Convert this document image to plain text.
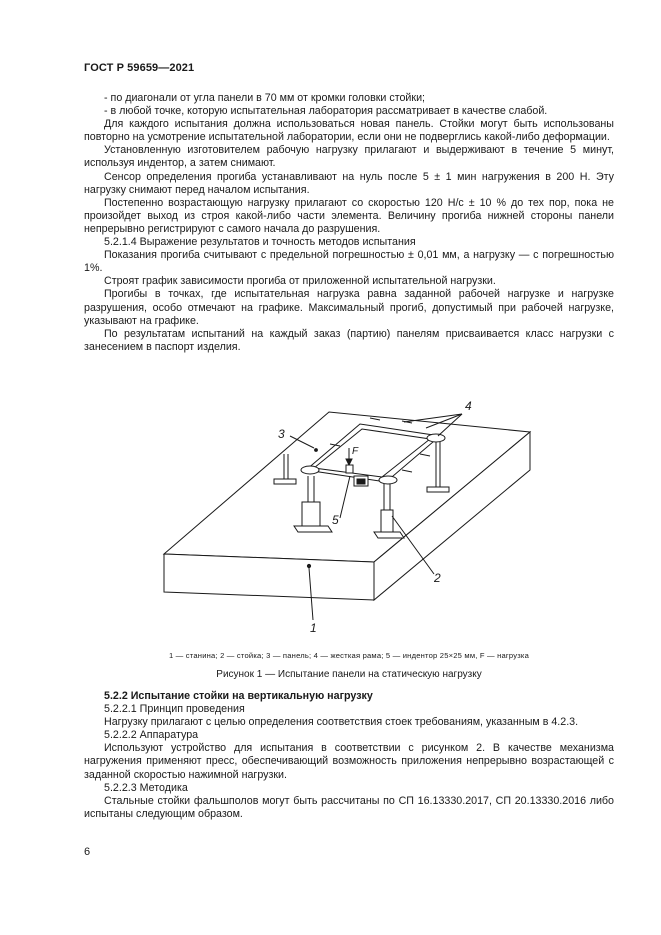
ГОСТ Р 59659—2021

- по диагонали от угла панели в 70 мм от кромки головки стойки;

- в любой точке, которую испытательная лаборатория рассматривает в качестве слабой.

Для каждого испытания должна использоваться новая панель. Стойки могут быть использованы повторно на усмотрение испытательной лаборатории, если они не подверглись какой-либо деформации.

Установленную изготовителем рабочую нагрузку прилагают и выдерживают в течение 5 минут, используя индентор, а затем снимают.

Сенсор определения прогиба устанавливают на нуль после 5 ± 1 мин нагружения в 200 Н. Эту нагрузку снимают перед началом испытания.

Постепенно возрастающую нагрузку прилагают со скоростью 120 Н/с ± 10 % до тех пор, пока не произойдет выход из строя какой-либо части элемента. Величину прогиба нижней стороны панели непрерывно регистрируют с самого начала до разрушения.

5.2.1.4 Выражение результатов и точность методов испытания

Показания прогиба считывают с предельной погрешностью ± 0,01 мм, а нагрузку — с погрешностью 1%.

Строят график зависимости прогиба от приложенной испытательной нагрузки.

Прогибы в точках, где испытательная нагрузка равна заданной рабочей нагрузке и нагрузке разрушения, особо отмечают на графике. Максимальный прогиб, допустимый при рабочей нагрузке, указывают на графике.

По результатам испытаний на каждый заказ (партию) панелям присваивается класс нагрузки с занесением в паспорт изделия.

4
3
F
5
2
1
1 — станина; 2 — стойка; 3 — панель; 4 — жесткая рама; 5 — индентор 25×25 мм, F — нагрузка
Рисунок 1 — Испытание панели на статическую нагрузку

5.2.2 Испытание стойки на вертикальную нагрузку

5.2.2.1 Принцип проведения

Нагрузку прилагают с целью определения соответствия стоек требованиям, указанным в 4.2.3.

5.2.2.2 Аппаратура

Используют устройство для испытания в соответствии с рисунком 2. В качестве механизма нагружения применяют пресс, обеспечивающий возможность приложения непрерывно возрастающей с заданной скоростью нажимной нагрузки.

5.2.2.3 Методика

Стальные стойки фальшполов могут быть рассчитаны по СП 16.13330.2017, СП 20.13330.2016 либо испытаны следующим образом.

6
